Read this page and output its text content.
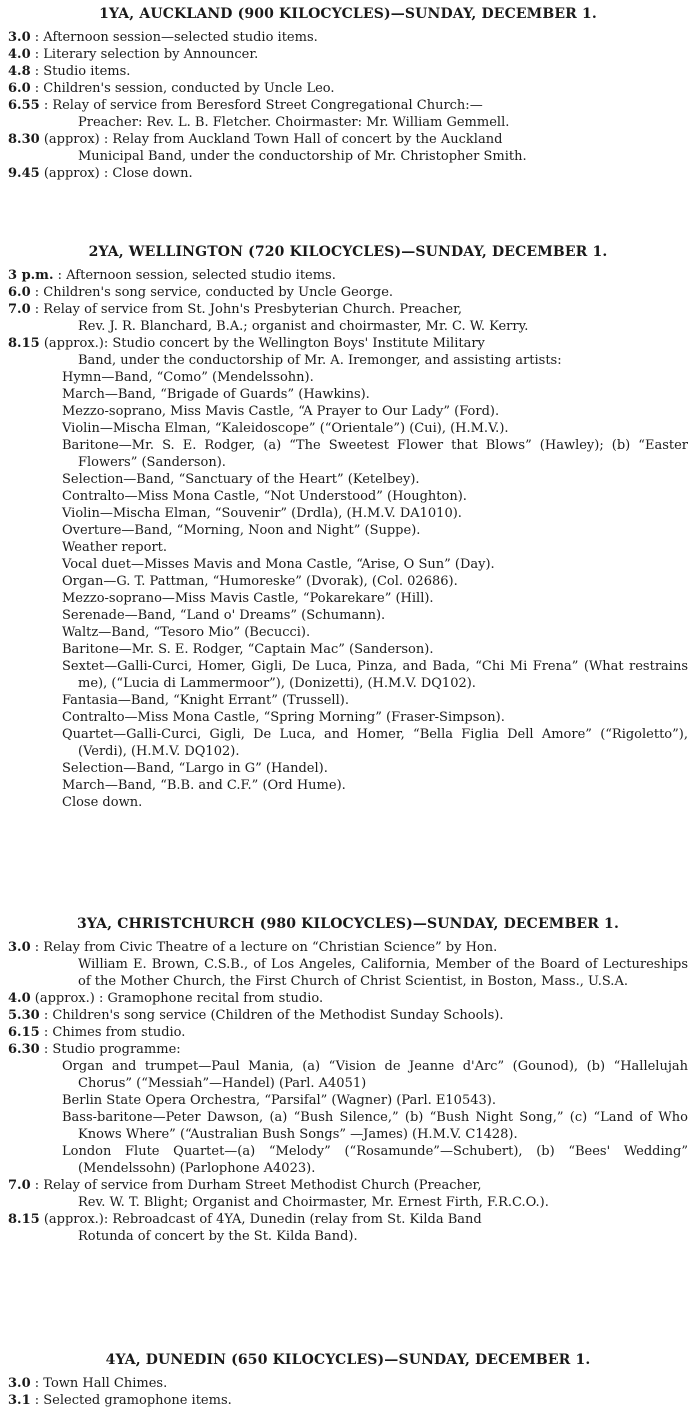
1YA, AUCKLAND (900 KILOCYCLES)—SUNDAY, DECEMBER 1.

3.0 : Afternoon session—selected studio items.

4.0 : Literary selection by Announcer.

4.8 : Studio items.

6.0 : Children's session, conducted by Uncle Leo.

6.55 : Relay of service from Beresford Street Congregational Church:—

Preacher: Rev. L. B. Fletcher. Choirmaster: Mr. William Gemmell.

8.30 (approx) : Relay from Auckland Town Hall of concert by the Auckland

Municipal Band, under the conductorship of Mr. Christopher Smith.

9.45 (approx) : Close down.

2YA, WELLINGTON (720 KILOCYCLES)—SUNDAY, DECEMBER 1.

3 p.m. : Afternoon session, selected studio items.

6.0 : Children's song service, conducted by Uncle George.

7.0 : Relay of service from St. John's Presbyterian Church. Preacher,

Rev. J. R. Blanchard, B.A.; organist and choirmaster, Mr. C. W. Kerry.

8.15 (approx.): Studio concert by the Wellington Boys' Institute Military

Band, under the conductorship of Mr. A. Iremonger, and assisting artists:

Hymn—Band, “Como” (Mendelssohn).

March—Band, “Brigade of Guards” (Hawkins).

Mezzo-soprano, Miss Mavis Castle, “A Prayer to Our Lady” (Ford).

Violin—Mischa Elman, “Kaleidoscope” (“Orientale”) (Cui), (H.M.V.).

Baritone—Mr. S. E. Rodger, (a) “The Sweetest Flower that Blows” (Hawley); (b) “Easter Flowers” (Sanderson).

Selection—Band, “Sanctuary of the Heart” (Ketelbey).

Contralto—Miss Mona Castle, “Not Understood” (Houghton).

Violin—Mischa Elman, “Souvenir” (Drdla), (H.M.V. DA1010).

Overture—Band, “Morning, Noon and Night” (Suppe).

Weather report.

Vocal duet—Misses Mavis and Mona Castle, “Arise, O Sun” (Day).

Organ—G. T. Pattman, “Humoreske” (Dvorak), (Col. 02686).

Mezzo-soprano—Miss Mavis Castle, “Pokarekare” (Hill).

Serenade—Band, “Land o' Dreams” (Schumann).

Waltz—Band, “Tesoro Mio” (Becucci).

Baritone—Mr. S. E. Rodger, “Captain Mac” (Sanderson).

Sextet—Galli-Curci, Homer, Gigli, De Luca, Pinza, and Bada, “Chi Mi Frena” (What restrains me), (“Lucia di Lammermoor”), (Donizetti), (H.M.V. DQ102).

Fantasia—Band, “Knight Errant” (Trussell).

Contralto—Miss Mona Castle, “Spring Morning” (Fraser-Simpson).

Quartet—Galli-Curci, Gigli, De Luca, and Homer, “Bella Figlia Dell Amore” (“Rigoletto”), (Verdi), (H.M.V. DQ102).

Selection—Band, “Largo in G” (Handel).

March—Band, “B.B. and C.F.” (Ord Hume).

Close down.

3YA, CHRISTCHURCH (980 KILOCYCLES)—SUNDAY, DECEMBER 1.

3.0 : Relay from Civic Theatre of a lecture on “Christian Science” by Hon.

William E. Brown, C.S.B., of Los Angeles, California, Member of the Board of Lectureships of the Mother Church, the First Church of Christ Scientist, in Boston, Mass., U.S.A.

4.0 (approx.) : Gramophone recital from studio.

5.30 : Children's song service (Children of the Methodist Sunday Schools).

6.15 : Chimes from studio.

6.30 : Studio programme:

Organ and trumpet—Paul Mania, (a) “Vision de Jeanne d'Arc” (Gounod), (b) “Hallelujah Chorus” (“Messiah”—Handel) (Parl. A4051)

Berlin State Opera Orchestra, “Parsifal” (Wagner) (Parl. E10543).

Bass-baritone—Peter Dawson, (a) “Bush Silence,” (b) “Bush Night Song,” (c) “Land of Who Knows Where” (“Australian Bush Songs” —James) (H.M.V. C1428).

London Flute Quartet—(a) “Melody” (“Rosamunde”—Schubert), (b) “Bees' Wedding” (Mendelssohn) (Parlophone A4023).

7.0 : Relay of service from Durham Street Methodist Church (Preacher,

Rev. W. T. Blight; Organist and Choirmaster, Mr. Ernest Firth, F.R.C.O.).

8.15 (approx.): Rebroadcast of 4YA, Dunedin (relay from St. Kilda Band

Rotunda of concert by the St. Kilda Band).

4YA, DUNEDIN (650 KILOCYCLES)—SUNDAY, DECEMBER 1.

3.0 : Town Hall Chimes.

3.1 : Selected gramophone items.
